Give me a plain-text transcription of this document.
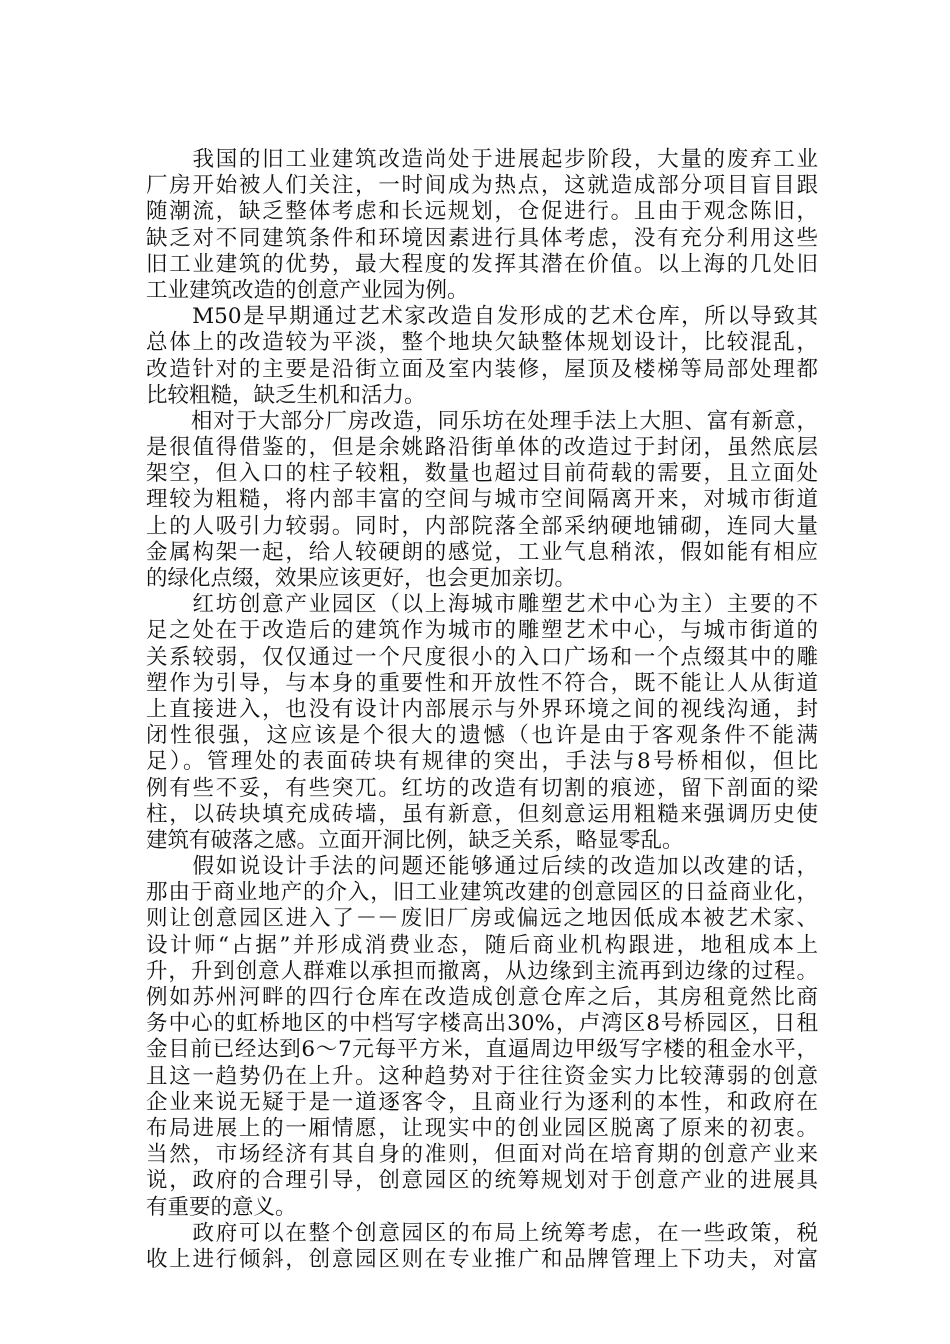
　　我国的旧工业建筑改造尚处于进展起步阶段，大量的废弃工业
厂房开始被人们关注，一时间成为热点，这就造成部分项目盲目跟
随潮流，缺乏整体考虑和长远规划，仓促进行。且由于观念陈旧，
缺乏对不同建筑条件和环境因素进行具体考虑，没有充分利用这些
旧工业建筑的优势，最大程度的发挥其潜在价值。以上海的几处旧
工业建筑改造的创意产业园为例。
　　M50是早期通过艺术家改造自发形成的艺术仓库，所以导致其
总体上的改造较为平淡，整个地块欠缺整体规划设计，比较混乱，
改造针对的主要是沿街立面及室内装修，屋顶及楼梯等局部处理都
比较粗糙，缺乏生机和活力。
　　相对于大部分厂房改造，同乐坊在处理手法上大胆、富有新意，
是很值得借鉴的，但是余姚路沿街单体的改造过于封闭，虽然底层
架空，但入口的柱子较粗，数量也超过目前荷载的需要，且立面处
理较为粗糙，将内部丰富的空间与城市空间隔离开来，对城市街道
上的人吸引力较弱。同时，内部院落全部采纳硬地铺砌，连同大量
金属构架一起，给人较硬朗的感觉，工业气息稍浓，假如能有相应
的绿化点缀，效果应该更好，也会更加亲切。
　　红坊创意产业园区（以上海城市雕塑艺术中心为主）主要的不
足之处在于改造后的建筑作为城市的雕塑艺术中心，与城市街道的
关系较弱，仅仅通过一个尺度很小的入口广场和一个点缀其中的雕
塑作为引导，与本身的重要性和开放性不符合，既不能让人从街道
上直接进入，也没有设计内部展示与外界环境之间的视线沟通，封
闭性很强，这应该是个很大的遗憾（也许是由于客观条件不能满
足）。管理处的表面砖块有规律的突出，手法与8号桥相似，但比
例有些不妥，有些突兀。红坊的改造有切割的痕迹，留下剖面的梁
柱，以砖块填充成砖墙，虽有新意，但刻意运用粗糙来强调历史使
建筑有破落之感。立面开洞比例，缺乏关系，略显零乱。
　　假如说设计手法的问题还能够通过后续的改造加以改建的话，
那由于商业地产的介入，旧工业建筑改建的创意园区的日益商业化，
则让创意园区进入了－－废旧厂房或偏远之地因低成本被艺术家、
设计师“占据”并形成消费业态，随后商业机构跟进，地租成本上
升，升到创意人群难以承担而撤离，从边缘到主流再到边缘的过程。
例如苏州河畔的四行仓库在改造成创意仓库之后，其房租竟然比商
务中心的虹桥地区的中档写字楼高出30%，卢湾区8号桥园区，日租
金目前已经达到6～7元每平方米，直逼周边甲级写字楼的租金水平，
且这一趋势仍在上升。这种趋势对于往往资金实力比较薄弱的创意
企业来说无疑于是一道逐客令，且商业行为逐利的本性，和政府在
布局进展上的一厢情愿，让现实中的创业园区脱离了原来的初衷。
当然，市场经济有其自身的准则，但面对尚在培育期的创意产业来
说，政府的合理引导，创意园区的统筹规划对于创意产业的进展具
有重要的意义。
　　政府可以在整个创意园区的布局上统筹考虑，在一些政策，税
收上进行倾斜，创意园区则在专业推广和品牌管理上下功夫，对富
